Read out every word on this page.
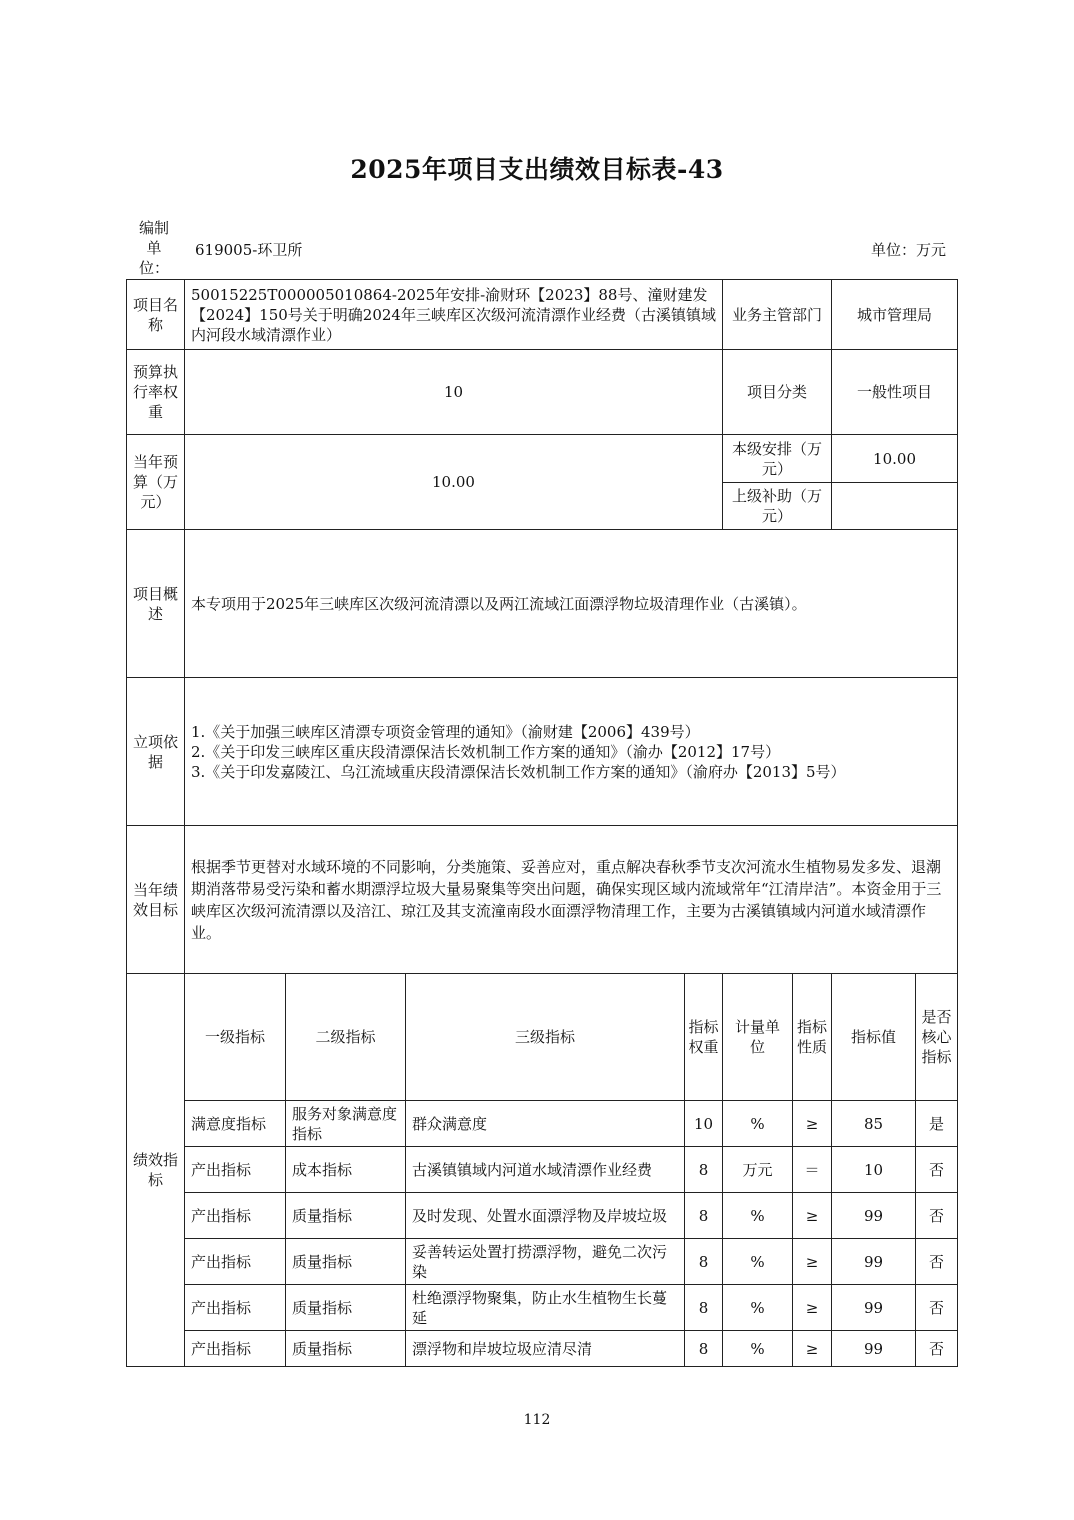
2025年项目支出绩效目标表-43
编制单位：
619005-环卫所	单位：万元
项目名称	50015225T000005010864-2025年安排-渝财环【2023】88号、潼财建发【2024】150号关于明确2024年三峡库区次级河流清漂作业经费（古溪镇镇域内河段水域清漂作业）				业务主管部门		城市管理局	
预算执行率权重	10				项目分类		一般性项目	
当年预算（万元）	10.00				本级安排（万元）		10.00	
					上级补助（万元）			
项目概述	本专项用于2025年三峡库区次级河流清漂以及两江流域江面漂浮物垃圾清理作业（古溪镇）。							
立项依据	1.《关于加强三峡库区清漂专项资金管理的通知》（渝财建【2006】439号）
2.《关于印发三峡库区重庆段清漂保洁长效机制工作方案的通知》（渝办【2012】17号）
3.《关于印发嘉陵江、乌江流域重庆段清漂保洁长效机制工作方案的通知》（渝府办【2013】5号）							

当年绩效目标	根据季节更替对水域环境的不同影响，分类施策、妥善应对，重点解决春秋季节支次河流水生植物易发多发、退潮期消落带易受污染和蓄水期漂浮垃圾大量易聚集等突出问题，确保实现区域内流域常年“江清岸洁”。本资金用于三峡库区次级河流清漂以及涪江、琼江及其支流潼南段水面漂浮物清理工作，主要为古溪镇镇域内河道水域清漂作业。							
绩效指标	一级指标	二级指标	三级指标	指标权重	计量单位	指标性质	指标值	是否核心指标
	满意度指标	服务对象满意度指标	群众满意度	10	%	≥	85	是
	产出指标	成本指标	古溪镇镇域内河道水域清漂作业经费	8	万元	＝	10	否
	产出指标	质量指标	及时发现、处置水面漂浮物及岸坡垃圾	8	%	≥	99	否
	产出指标	质量指标	妥善转运处置打捞漂浮物，避免二次污染	8	%	≥	99	否
	产出指标	质量指标	杜绝漂浮物聚集，防止水生植物生长蔓延	8	%	≥	99	否
	产出指标	质量指标	漂浮物和岸坡垃圾应清尽清	8	%	≥	99	否
112
